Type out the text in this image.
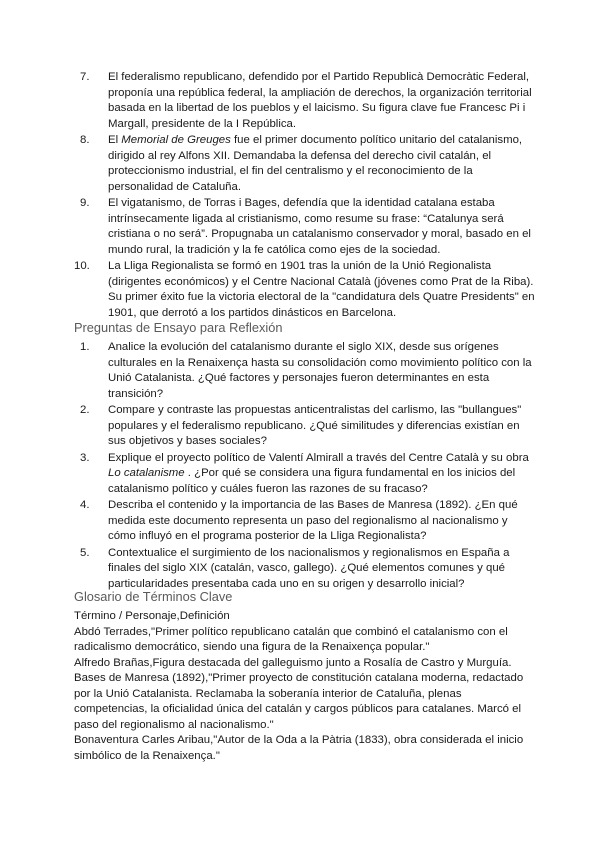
7.	El federalismo republicano, defendido por el Partido Republicà Democràtic Federal, proponía una república federal, la ampliación de derechos, la organización territorial basada en la libertad de los pueblos y el laicismo. Su figura clave fue Francesc Pi i Margall, presidente de la I República.
8.	El Memorial de Greuges fue el primer documento político unitario del catalanismo, dirigido al rey Alfons XII. Demandaba la defensa del derecho civil catalán, el proteccionismo industrial, el fin del centralismo y el reconocimiento de la personalidad de Cataluña.
9.	El vigatanismo, de Torras i Bages, defendía que la identidad catalana estaba intrínsecamente ligada al cristianismo, como resume su frase: “Catalunya será cristiana o no será”. Propugnaba un catalanismo conservador y moral, basado en el mundo rural, la tradición y la fe católica como ejes de la sociedad.
10.	La Lliga Regionalista se formó en 1901 tras la unión de la Unió Regionalista (dirigentes económicos) y el Centre Nacional Català (jóvenes como Prat de la Riba). Su primer éxito fue la victoria electoral de la "candidatura dels Quatre Presidents" en 1901, que derrotó a los partidos dinásticos en Barcelona.
Preguntas de Ensayo para Reflexión
1.	Analice la evolución del catalanismo durante el siglo XIX, desde sus orígenes culturales en la Renaixença hasta su consolidación como movimiento político con la Unió Catalanista. ¿Qué factores y personajes fueron determinantes en esta transición?
2.	Compare y contraste las propuestas anticentralistas del carlismo, las "bullangues" populares y el federalismo republicano. ¿Qué similitudes y diferencias existían en sus objetivos y bases sociales?
3.	Explique el proyecto político de Valentí Almirall a través del Centre Català y su obra Lo catalanisme . ¿Por qué se considera una figura fundamental en los inicios del catalanismo político y cuáles fueron las razones de su fracaso?
4.	Describa el contenido y la importancia de las Bases de Manresa (1892). ¿En qué medida este documento representa un paso del regionalismo al nacionalismo y cómo influyó en el programa posterior de la Lliga Regionalista?
5.	Contextualice el surgimiento de los nacionalismos y regionalismos en España a finales del siglo XIX (catalán, vasco, gallego). ¿Qué elementos comunes y qué particularidades presentaba cada uno en su origen y desarrollo inicial?
Glosario de Términos Clave

Término / Personaje,Definición

Abdó Terrades,"Primer político republicano catalán que combinó el catalanismo con el radicalismo democrático, siendo una figura de la Renaixença popular."

Alfredo Brañas,Figura destacada del galleguismo junto a Rosalía de Castro y Murguía.

Bases de Manresa (1892),"Primer proyecto de constitución catalana moderna, redactado por la Unió Catalanista. Reclamaba la soberanía interior de Cataluña, plenas competencias, la oficialidad única del catalán y cargos públicos para catalanes. Marcó el paso del regionalismo al nacionalismo."

Bonaventura Carles Aribau,"Autor de la Oda a la Pàtria (1833), obra considerada el inicio simbólico de la Renaixença."
